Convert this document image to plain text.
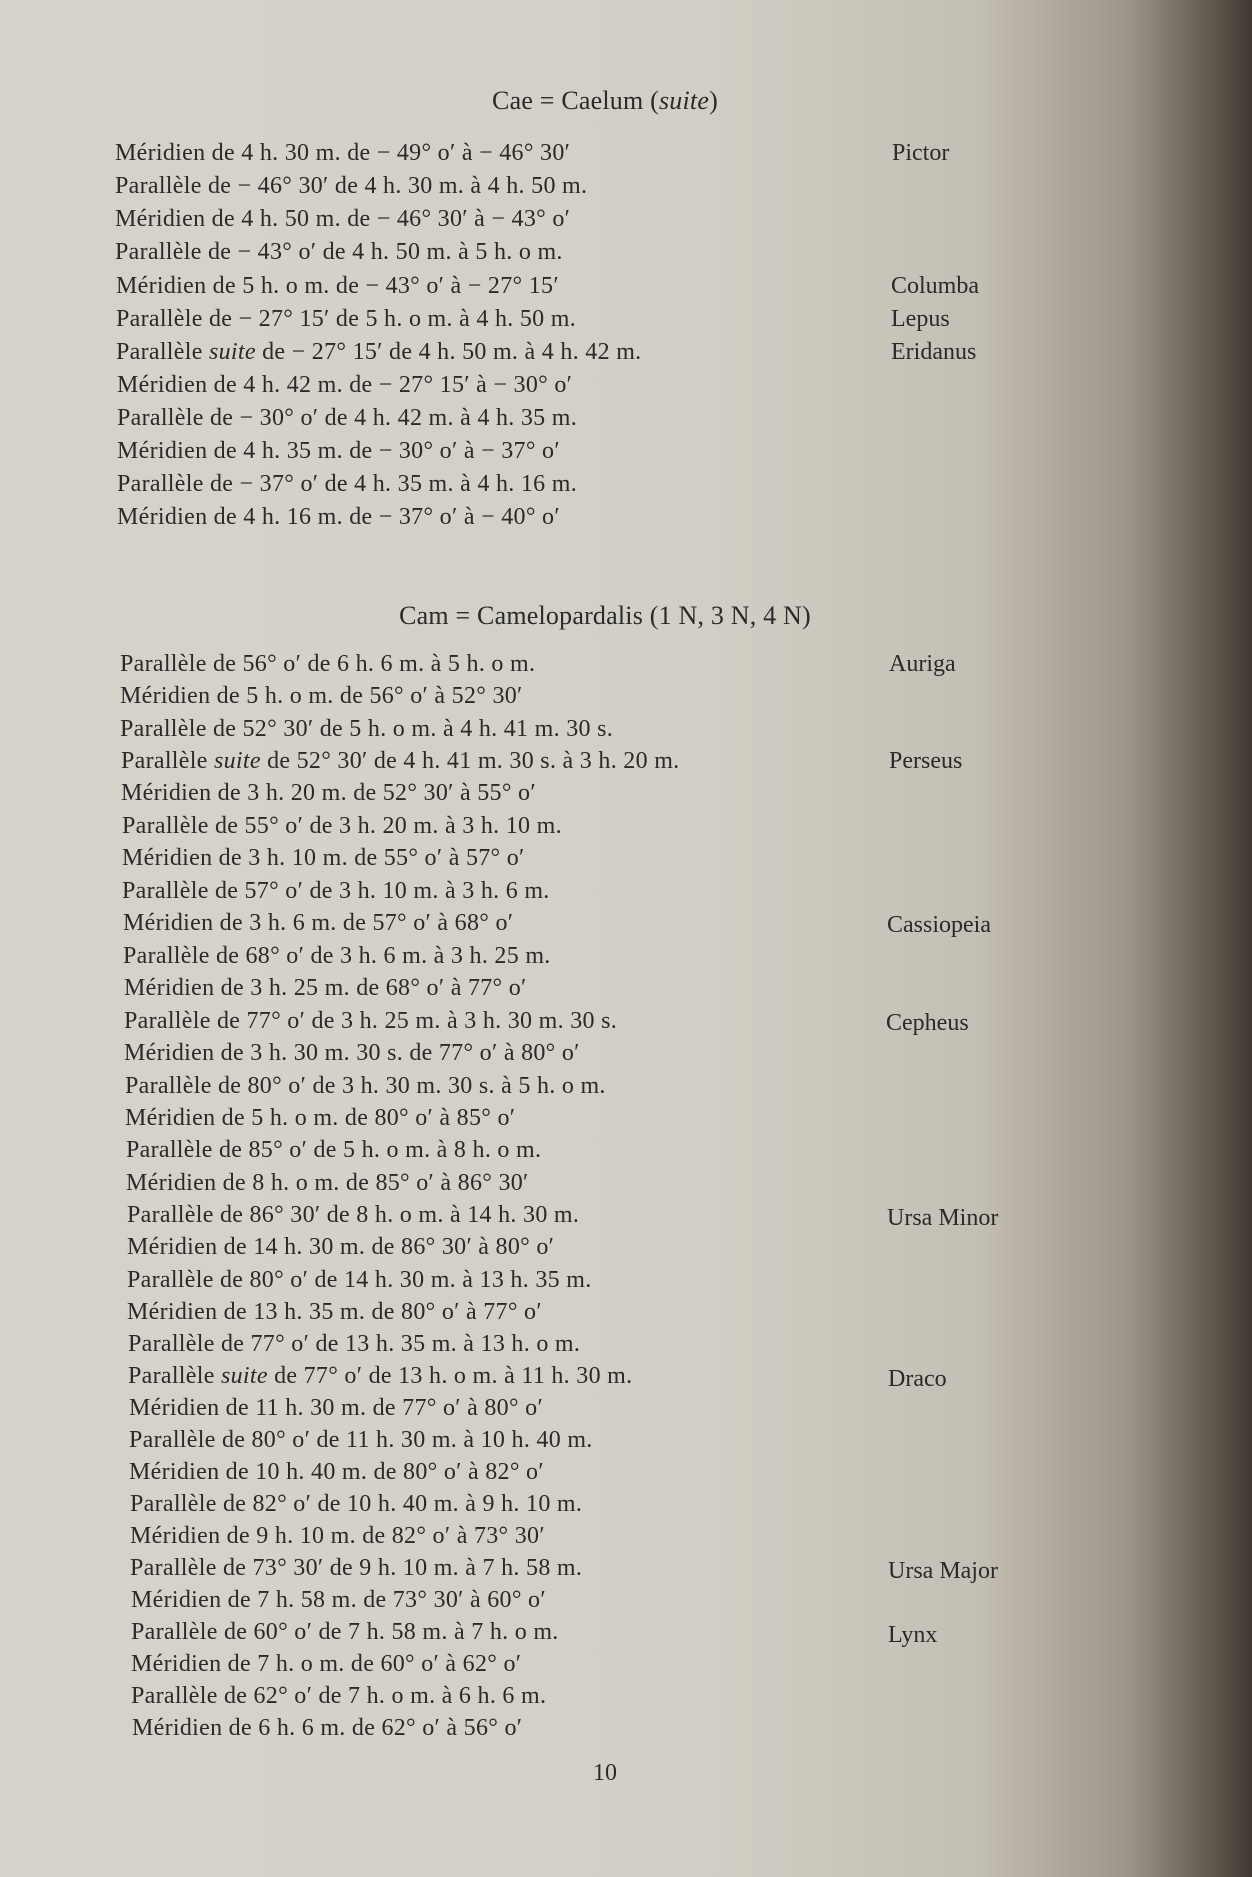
Cae = Caelum (suite)
Méridien de 4 h. 30 m. de − 49° o′ à − 46° 30′	Pictor
Parallèle de − 46° 30′ de 4 h. 30 m. à 4 h. 50 m.
Méridien de 4 h. 50 m. de − 46° 30′ à − 43° o′
Parallèle de − 43° o′ de 4 h. 50 m. à 5 h. o m.
Méridien de 5 h. o m. de − 43° o′ à − 27° 15′	Columba
Parallèle de − 27° 15′ de 5 h. o m. à 4 h. 50 m.	Lepus
Parallèle suite de − 27° 15′ de 4 h. 50 m. à 4 h. 42 m.	Eridanus
Méridien de 4 h. 42 m. de − 27° 15′ à − 30° o′
Parallèle de − 30° o′ de 4 h. 42 m. à 4 h. 35 m.
Méridien de 4 h. 35 m. de − 30° o′ à − 37° o′
Parallèle de − 37° o′ de 4 h. 35 m. à 4 h. 16 m.
Méridien de 4 h. 16 m. de − 37° o′ à − 40° o′
Cam = Camelopardalis (1 N, 3 N, 4 N)
Parallèle de 56° o′ de 6 h. 6 m. à 5 h. o m.	Auriga
Méridien de 5 h. o m. de 56° o′ à 52° 30′
Parallèle de 52° 30′ de 5 h. o m. à 4 h. 41 m. 30 s.
Parallèle suite de 52° 30′ de 4 h. 41 m. 30 s. à 3 h. 20 m.	Perseus
Méridien de 3 h. 20 m. de 52° 30′ à 55° o′
Parallèle de 55° o′ de 3 h. 20 m. à 3 h. 10 m.
Méridien de 3 h. 10 m. de 55° o′ à 57° o′
Parallèle de 57° o′ de 3 h. 10 m. à 3 h. 6 m.
Méridien de 3 h. 6 m. de 57° o′ à 68° o′	Cassiopeia
Parallèle de 68° o′ de 3 h. 6 m. à 3 h. 25 m.
Méridien de 3 h. 25 m. de 68° o′ à 77° o′
Parallèle de 77° o′ de 3 h. 25 m. à 3 h. 30 m. 30 s.	Cepheus
Méridien de 3 h. 30 m. 30 s. de 77° o′ à 80° o′
Parallèle de 80° o′ de 3 h. 30 m. 30 s. à 5 h. o m.
Méridien de 5 h. o m. de 80° o′ à 85° o′
Parallèle de 85° o′ de 5 h. o m. à 8 h. o m.
Méridien de 8 h. o m. de 85° o′ à 86° 30′
Parallèle de 86° 30′ de 8 h. o m. à 14 h. 30 m.	Ursa Minor
Méridien de 14 h. 30 m. de 86° 30′ à 80° o′
Parallèle de 80° o′ de 14 h. 30 m. à 13 h. 35 m.
Méridien de 13 h. 35 m. de 80° o′ à 77° o′
Parallèle de 77° o′ de 13 h. 35 m. à 13 h. o m.
Parallèle suite de 77° o′ de 13 h. o m. à 11 h. 30 m.	Draco
Méridien de 11 h. 30 m. de 77° o′ à 80° o′
Parallèle de 80° o′ de 11 h. 30 m. à 10 h. 40 m.
Méridien de 10 h. 40 m. de 80° o′ à 82° o′
Parallèle de 82° o′ de 10 h. 40 m. à 9 h. 10 m.
Méridien de 9 h. 10 m. de 82° o′ à 73° 30′
Parallèle de 73° 30′ de 9 h. 10 m. à 7 h. 58 m.	Ursa Major
Méridien de 7 h. 58 m. de 73° 30′ à 60° o′
Parallèle de 60° o′ de 7 h. 58 m. à 7 h. o m.	Lynx
Méridien de 7 h. o m. de 60° o′ à 62° o′
Parallèle de 62° o′ de 7 h. o m. à 6 h. 6 m.
Méridien de 6 h. 6 m. de 62° o′ à 56° o′
10
